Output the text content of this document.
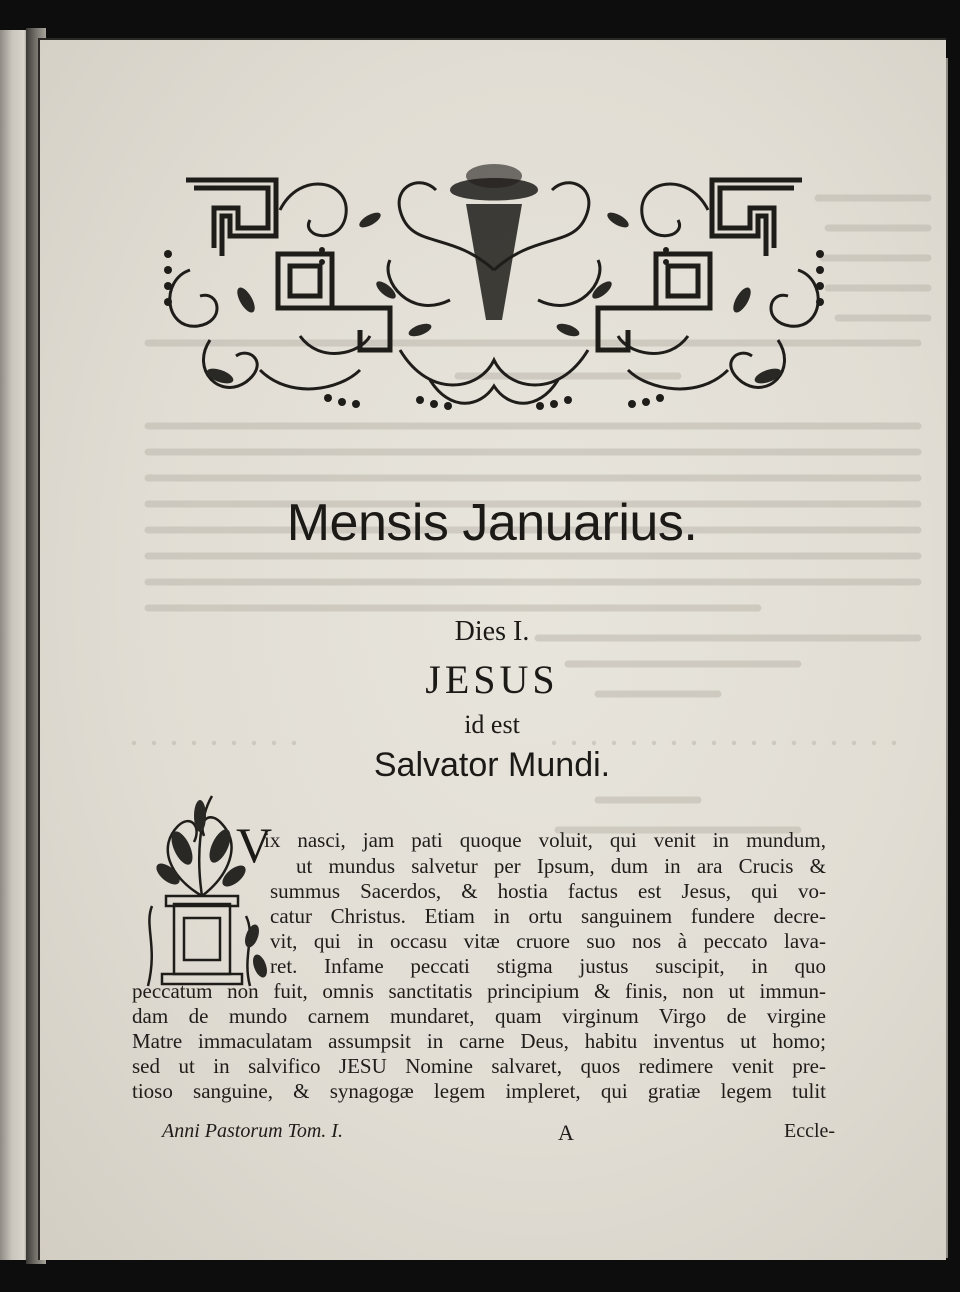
Mensis Januarius.
Dies I.
JESUS
id est
Salvator Mundi.
V

ix nasci, jam pati quoque voluit, qui venit in mundum,

ut mundus salvetur per Ipsum, dum in ara Crucis &

summus Sacerdos, & hostia factus est Jesus, qui vo-

catur Christus. Etiam in ortu sanguinem fundere decre-

vit, qui in occasu vitæ cruore suo nos à peccato lava-

ret. Infame peccati stigma justus suscipit, in quo

peccatum non fuit, omnis sanctitatis principium & finis, non ut immun-

dam de mundo carnem mundaret, quam virginum Virgo de virgine

Matre immaculatam assumpsit in carne Deus, habitu inventus ut homo;

sed ut in salvifico JESU Nomine salvaret, quos redimere venit pre-

tioso sanguine, & synagogæ legem impleret, qui gratiæ legem tulit

Anni Pastorum Tom. I.	A	Eccle-
